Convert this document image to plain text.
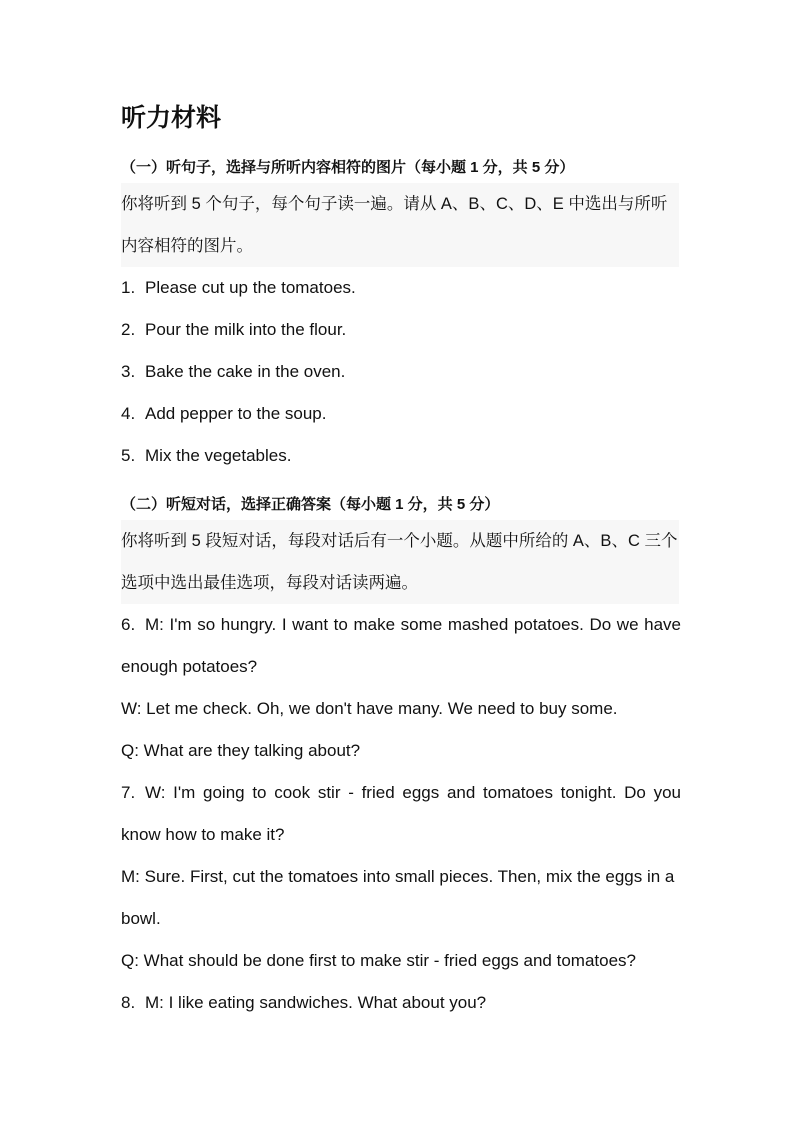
听力材料
（一）听句子，选择与所听内容相符的图片（每小题 1 分，共 5 分）
你将听到 5 个句子，每个句子读一遍。请从 A、B、C、D、E 中选出与所听内容相符的图片。
1. Please cut up the tomatoes.
2. Pour the milk into the flour.
3. Bake the cake in the oven.
4. Add pepper to the soup.
5. Mix the vegetables.
（二）听短对话，选择正确答案（每小题 1 分，共 5 分）
你将听到 5 段短对话，每段对话后有一个小题。从题中所给的 A、B、C 三个选项中选出最佳选项，每段对话读两遍。
6. M: I'm so hungry. I want to make some mashed potatoes. Do we have
enough potatoes?
W: Let me check. Oh, we don't have many. We need to buy some.
Q: What are they talking about?
7. W: I'm going to cook stir - fried eggs and tomatoes tonight. Do you
know how to make it?
M: Sure. First, cut the tomatoes into small pieces. Then, mix the eggs in a
bowl.
Q: What should be done first to make stir - fried eggs and tomatoes?
8. M: I like eating sandwiches. What about you?
